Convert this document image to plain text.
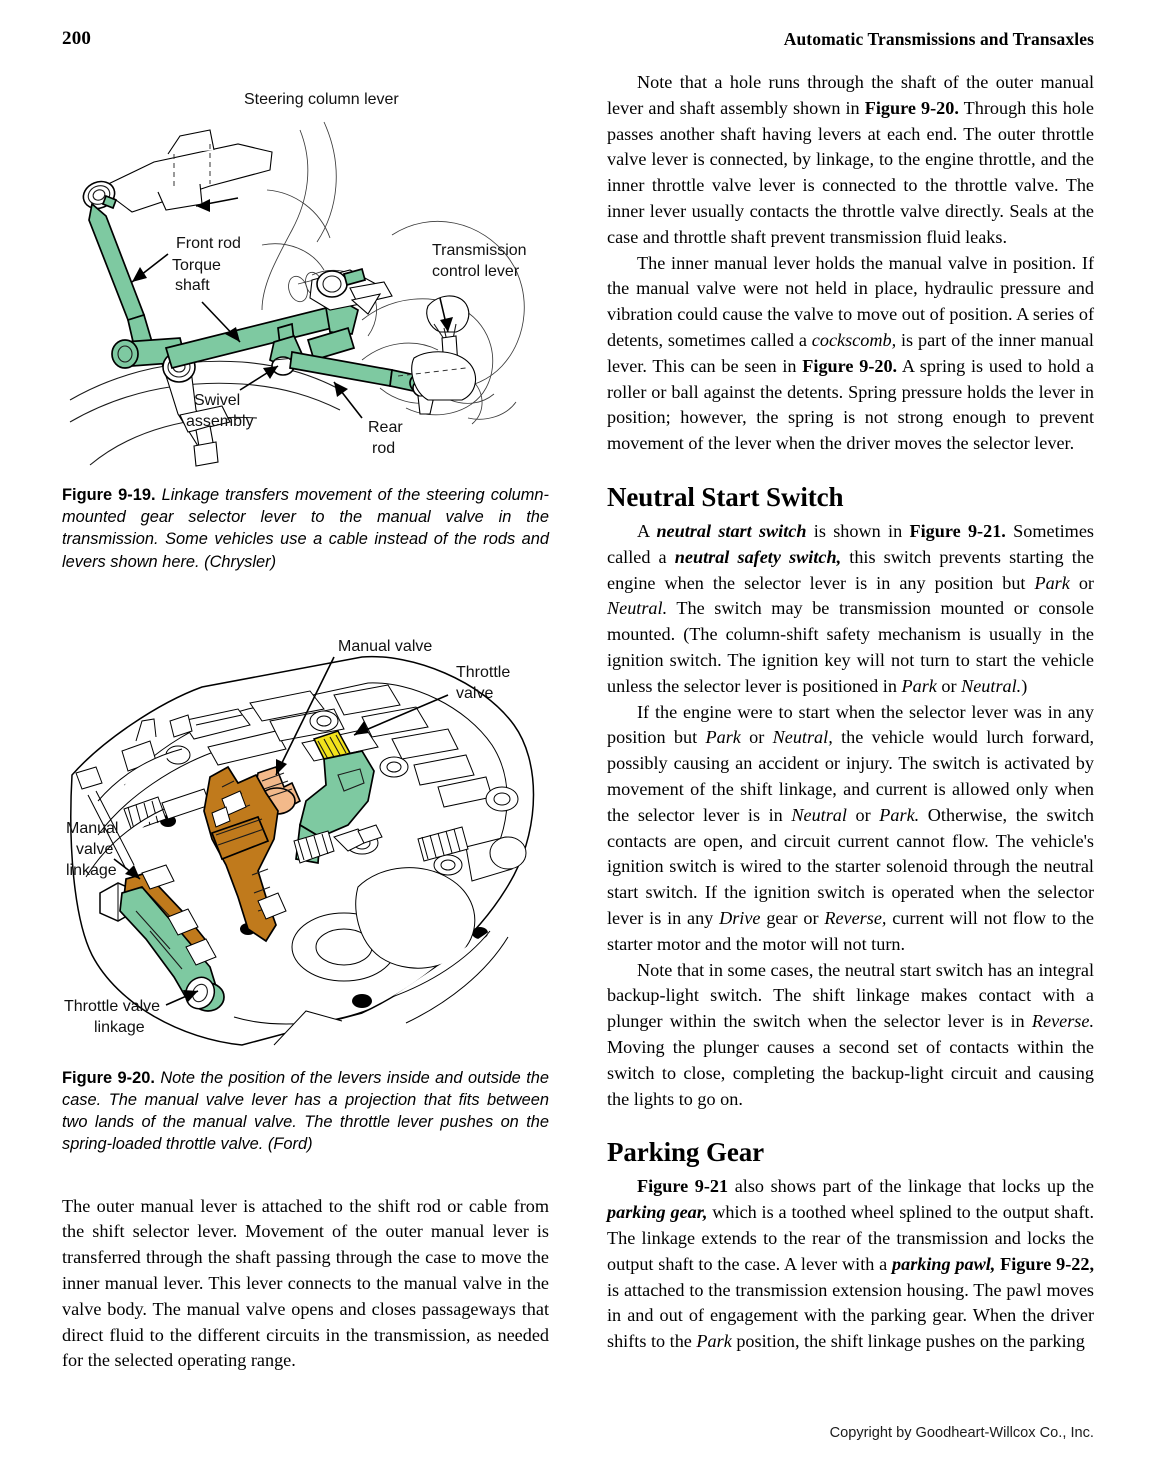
200	Automatic Transmissions and Transaxles
Steering column lever
Front rod
Torque
shaft
Transmission
control lever
Swivel
assembly	Rear
rod

Figure 9-19. Linkage transfers movement of the steering column-mounted gear selector lever to the manual valve in the transmission. Some vehicles use a cable instead of the rods and levers shown here. (Chrysler)

Manual valve
Throttle
valve
Manual
valve
linkage
Throttle valve
linkage

Figure 9-20. Note the position of the levers inside and outside the case. The manual valve lever has a projection that fits between two lands of the manual valve. The throttle lever pushes on the spring-loaded throttle valve. (Ford)

The outer manual lever is attached to the shift rod or cable from the shift selector lever. Movement of the outer manual lever is transferred through the shaft passing through the case to move the inner manual lever. This lever connects to the manual valve in the valve body. The manual valve opens and closes passageways that direct fluid to the different circuits in the transmission, as needed for the selected operating range.

Note that a hole runs through the shaft of the outer manual lever and shaft assembly shown in Figure 9-20. Through this hole passes another shaft having levers at each end. The outer throttle valve lever is connected, by linkage, to the engine throttle, and the inner throttle valve lever is connected to the throttle valve. The inner lever usually contacts the throttle valve directly. Seals at the case and throttle shaft prevent transmission fluid leaks.

The inner manual lever holds the manual valve in position. If the manual valve were not held in place, hydraulic pressure and vibration could cause the valve to move out of position. A series of detents, sometimes called a cockscomb, is part of the inner manual lever. This can be seen in Figure 9-20. A spring is used to hold a roller or ball against the detents. Spring pressure holds the lever in position; however, the spring is not strong enough to prevent movement of the lever when the driver moves the selector lever.

Neutral Start Switch

A neutral start switch is shown in Figure 9-21. Sometimes called a neutral safety switch, this switch prevents starting the engine when the selector lever is in any position but Park or Neutral. The switch may be transmission mounted or console mounted. (The column-shift safety mechanism is usually in the ignition switch. The ignition key will not turn to start the vehicle unless the selector lever is positioned in Park or Neutral.)

If the engine were to start when the selector lever was in any position but Park or Neutral, the vehicle would lurch forward, possibly causing an accident or injury. The switch is activated by movement of the shift linkage, and current is allowed only when the selector lever is in Neutral or Park. Otherwise, the switch contacts are open, and circuit current cannot flow. The vehicle's ignition switch is wired to the starter solenoid through the neutral start switch. If the ignition switch is operated when the selector lever is in any Drive gear or Reverse, current will not flow to the starter motor and the motor will not turn.

Note that in some cases, the neutral start switch has an integral backup-light switch. The shift linkage makes contact with a plunger within the switch when the selector lever is in Reverse. Moving the plunger causes a second set of contacts within the switch to close, completing the backup-light circuit and causing the lights to go on.

Parking Gear

Figure 9-21 also shows part of the linkage that locks up the parking gear, which is a toothed wheel splined to the output shaft. The linkage extends to the rear of the transmission and locks the output shaft to the case. A lever with a parking pawl, Figure 9-22, is attached to the transmission extension housing. The pawl moves in and out of engagement with the parking gear. When the driver shifts to the Park position, the shift linkage pushes on the parking

Copyright by Goodheart-Willcox Co., Inc.
